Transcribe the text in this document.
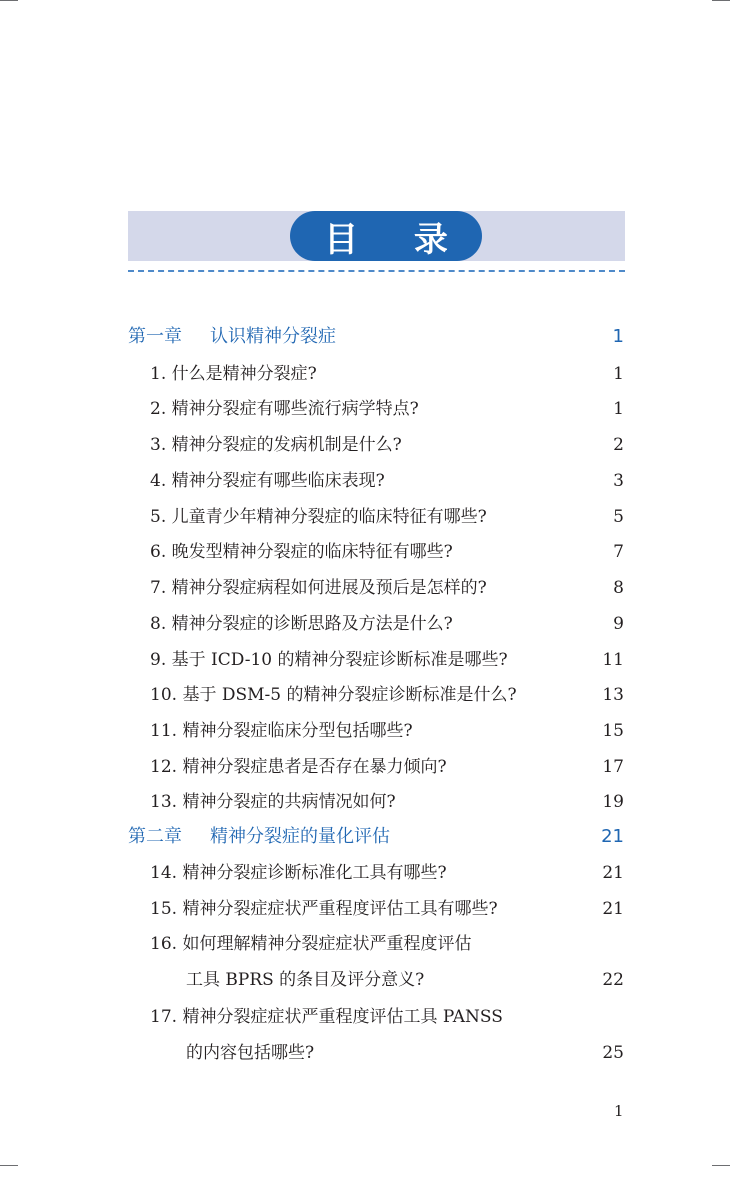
目 录
第一章 认识精神分裂症	1
1. 什么是精神分裂症?	1
2. 精神分裂症有哪些流行病学特点?	1
3. 精神分裂症的发病机制是什么?	2
4. 精神分裂症有哪些临床表现?	3
5. 儿童青少年精神分裂症的临床特征有哪些?	5
6. 晚发型精神分裂症的临床特征有哪些?	7
7. 精神分裂症病程如何进展及预后是怎样的?	8
8. 精神分裂症的诊断思路及方法是什么?	9
9. 基于 ICD-10 的精神分裂症诊断标准是哪些?	11
10. 基于 DSM-5 的精神分裂症诊断标准是什么?	13
11. 精神分裂症临床分型包括哪些?	15
12. 精神分裂症患者是否存在暴力倾向?	17
13. 精神分裂症的共病情况如何?	19
第二章 精神分裂症的量化评估	21
14. 精神分裂症诊断标准化工具有哪些?	21
15. 精神分裂症症状严重程度评估工具有哪些?	21
16. 如何理解精神分裂症症状严重程度评估
工具 BPRS 的条目及评分意义?	22
17. 精神分裂症症状严重程度评估工具 PANSS
的内容包括哪些?	25
1
